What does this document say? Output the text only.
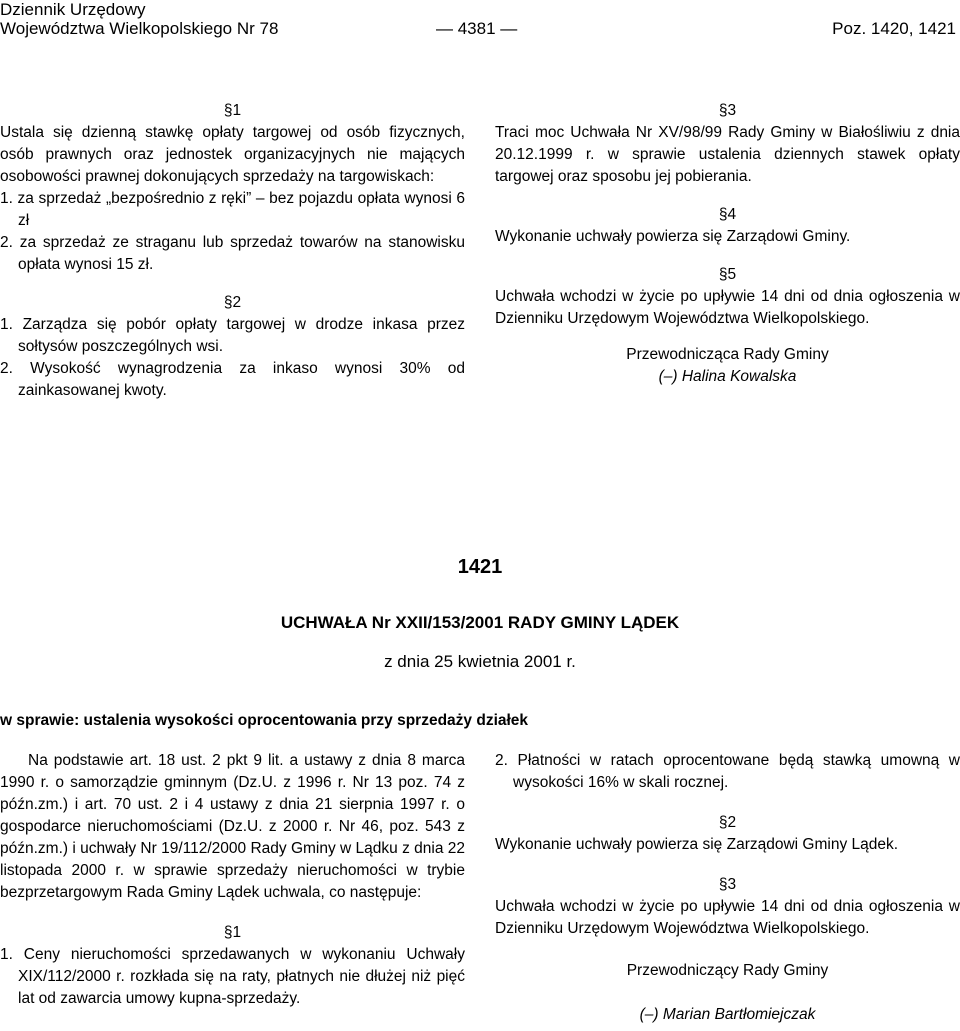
Dziennik Urzędowy
Województwa Wielkopolskiego Nr 78	— 4381 —	Poz. 1420, 1421

§1

Ustala się dzienną stawkę opłaty targowej od osób fizycznych, osób prawnych oraz jednostek organizacyjnych nie mających osobowości prawnej dokonujących sprzedaży na targowiskach:

1. za sprzedaż „bezpośrednio z ręki” – bez pojazdu opłata wynosi 6 zł

2. za sprzedaż ze straganu lub sprzedaż towarów na stanowisku opłata wynosi 15 zł.

§2

1. Zarządza się pobór opłaty targowej w drodze inkasa przez sołtysów poszczególnych wsi.

2. Wysokość wynagrodzenia za inkaso wynosi 30% od zainkasowanej kwoty.

§3

Traci moc Uchwała Nr XV/98/99 Rady Gminy w Białośliwiu z dnia 20.12.1999 r. w sprawie ustalenia dziennych stawek opłaty targowej oraz sposobu jej pobierania.

§4

Wykonanie uchwały powierza się Zarządowi Gminy.

§5

Uchwała wchodzi w życie po upływie 14 dni od dnia ogłoszenia w Dzienniku Urzędowym Województwa Wielkopolskiego.

Przewodnicząca Rady Gminy

(–) Halina Kowalska

1421
UCHWAŁA Nr XXII/153/2001 RADY GMINY LĄDEK
z dnia 25 kwietnia 2001 r.
w sprawie: ustalenia wysokości oprocentowania przy sprzedaży działek

Na podstawie art. 18 ust. 2 pkt 9 lit. a ustawy z dnia 8 marca 1990 r. o samorządzie gminnym (Dz.U. z 1996 r. Nr 13 poz. 74 z późn.zm.) i art. 70 ust. 2 i 4 ustawy z dnia 21 sierpnia 1997 r. o gospodarce nieruchomościami (Dz.U. z 2000 r. Nr 46, poz. 543 z późn.zm.) i uchwały Nr 19/112/2000 Rady Gminy w Lądku z dnia 22 listopada 2000 r. w sprawie sprzedaży nieruchomości w trybie bezprzetargowym Rada Gminy Lądek uchwala, co następuje:

§1

1. Ceny nieruchomości sprzedawanych w wykonaniu Uchwały XIX/112/2000 r. rozkłada się na raty, płatnych nie dłużej niż pięć lat od zawarcia umowy kupna-sprzedaży.

2. Płatności w ratach oprocentowane będą stawką umowną w wysokości 16% w skali rocznej.

§2

Wykonanie uchwały powierza się Zarządowi Gminy Lądek.

§3

Uchwała wchodzi w życie po upływie 14 dni od dnia ogłoszenia w Dzienniku Urzędowym Województwa Wielkopolskiego.

Przewodniczący Rady Gminy

(–) Marian Bartłomiejczak
